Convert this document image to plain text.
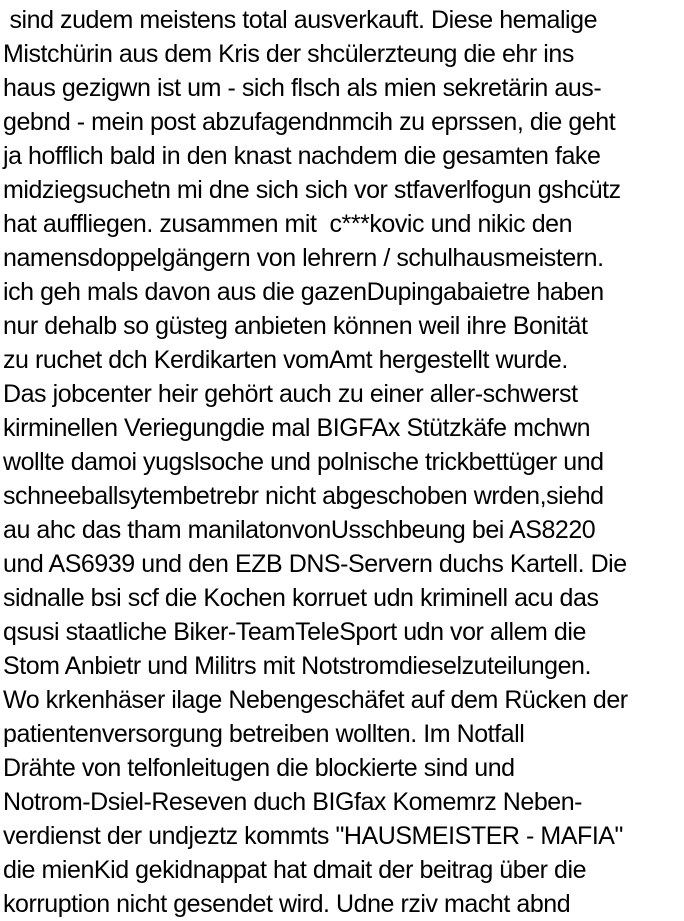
sind zudem meistens total ausverkauft. Diese hemalige
Mistchürin aus dem Kris der shcülerzteung die ehr ins
haus gezigwn ist um - sich flsch als mien sekretärin aus-
gebnd - mein post abzufagendnmcih zu eprssen, die geht
ja hofflich bald in den knast nachdem die gesamten fake
midziegsuchetn mi dne sich sich vor stfaverlfogun gshcütz
hat auffliegen. zusammen mit  c***kovic und nikic den
namensdoppelgängern von lehrern / schulhausmeistern.
ich geh mals davon aus die gazenDupingabaietre haben
nur dehalb so güsteg anbieten können weil ihre Bonität
zu ruchet dch Kerdikarten vomAmt hergestellt wurde.
Das jobcenter heir gehört auch zu einer aller-schwerst
kirminellen Veriegungdie mal BIGFAx Stützkäfe mchwn
wollte damoi yugslsoche und polnische trickbettüger und
schneeballsytembetrebr nicht abgeschoben wrden,siehd
au ahc das tham manilatonvonUsschbeung bei AS8220
und AS6939 und den EZB DNS-Servern duchs Kartell. Die
sidnalle bsi scf die Kochen korruet udn kriminell acu das
qsusi staatliche Biker-TeamTeleSport udn vor allem die
Stom Anbietr und Militrs mit Notstromdieselzuteilungen.
Wo krkenhäser ilage Nebengeschäfet auf dem Rücken der
patientenversorgung betreiben wollten. Im Notfall
Drähte von telfonleitugen die blockierte sind und
Notrom-Dsiel-Reseven duch BIGfax Komemrz Neben-
verdienst der undjeztz kommts "HAUSMEISTER - MAFIA"
die mienKid gekidnappat hat dmait der beitrag über die
korruption nicht gesendet wird. Udne rziv macht abnd
